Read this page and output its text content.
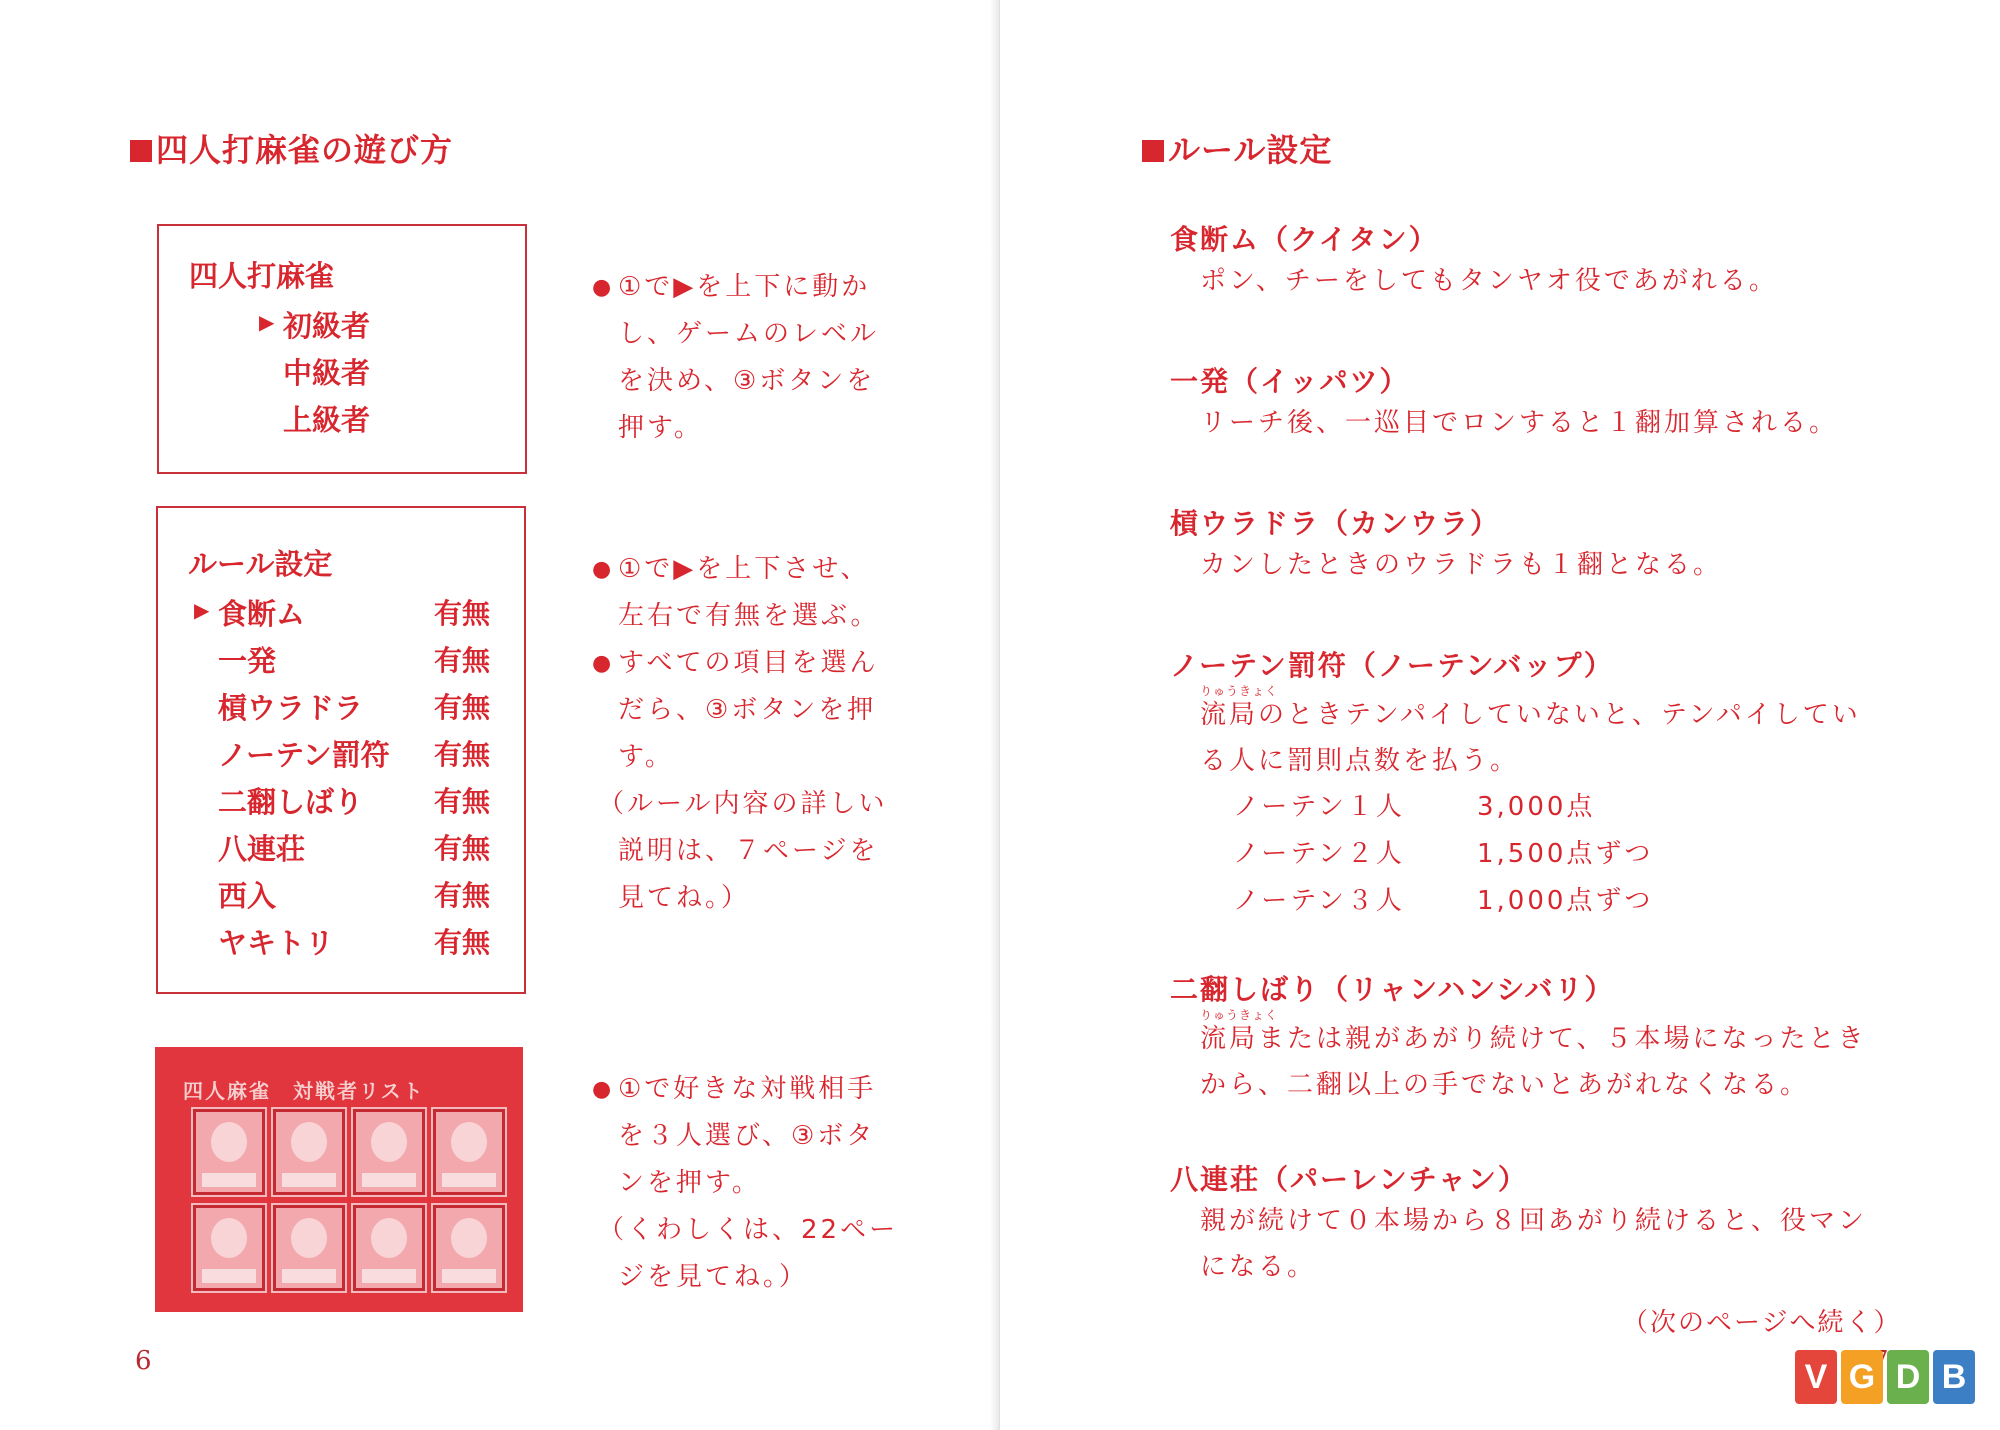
四人打麻雀の遊び方
四人打麻雀
▶ 初級者
中級者
上級者
● ①で▶を上下に動か
し、ゲームのレベル
を決め、③ボタンを
押す。
ルール設定
▶ 食断ム	有無
一発	有無
槓ウラドラ	有無
ノーテン罰符 有無
二翻しばり	有無
八連荘	有無
西入	有無
ヤキトリ	有無
● ①で▶を上下させ、
左右で有無を選ぶ。
● すべての項目を選ん
だら、③ボタンを押
す。
（ルール内容の詳しい
説明は、７ページを
見てね。）
四人麻雀　対戦者リスト	● ①で好きな対戦相手
を３人選び、③ボタ
ンを押す。
（くわしくは、22ペー
ジを見てね。）
6
ルール設定
食断ム（クイタン）
ポン、チーをしてもタンヤオ役であがれる。
一発（イッパツ）
リーチ後、一巡目でロンすると１翻加算される。
槓ウラドラ（カンウラ）
カンしたときのウラドラも１翻となる。
ノーテン罰符（ノーテンバップ）
りゅうきょく
流局のときテンパイしていないと、テンパイしてい
る人に罰則点数を払う。
ノーテン１人	3,000点
ノーテン２人	1,500点ずつ
ノーテン３人	1,000点ずつ
二翻しばり（リャンハンシバリ）
りゅうきょく
流局または親があがり続けて、５本場になったとき
から、二翻以上の手でないとあがれなくなる。
八連荘（パーレンチャン）
親が続けて０本場から８回あがり続けると、役マン
になる。
（次のページへ続く）
V G D B
